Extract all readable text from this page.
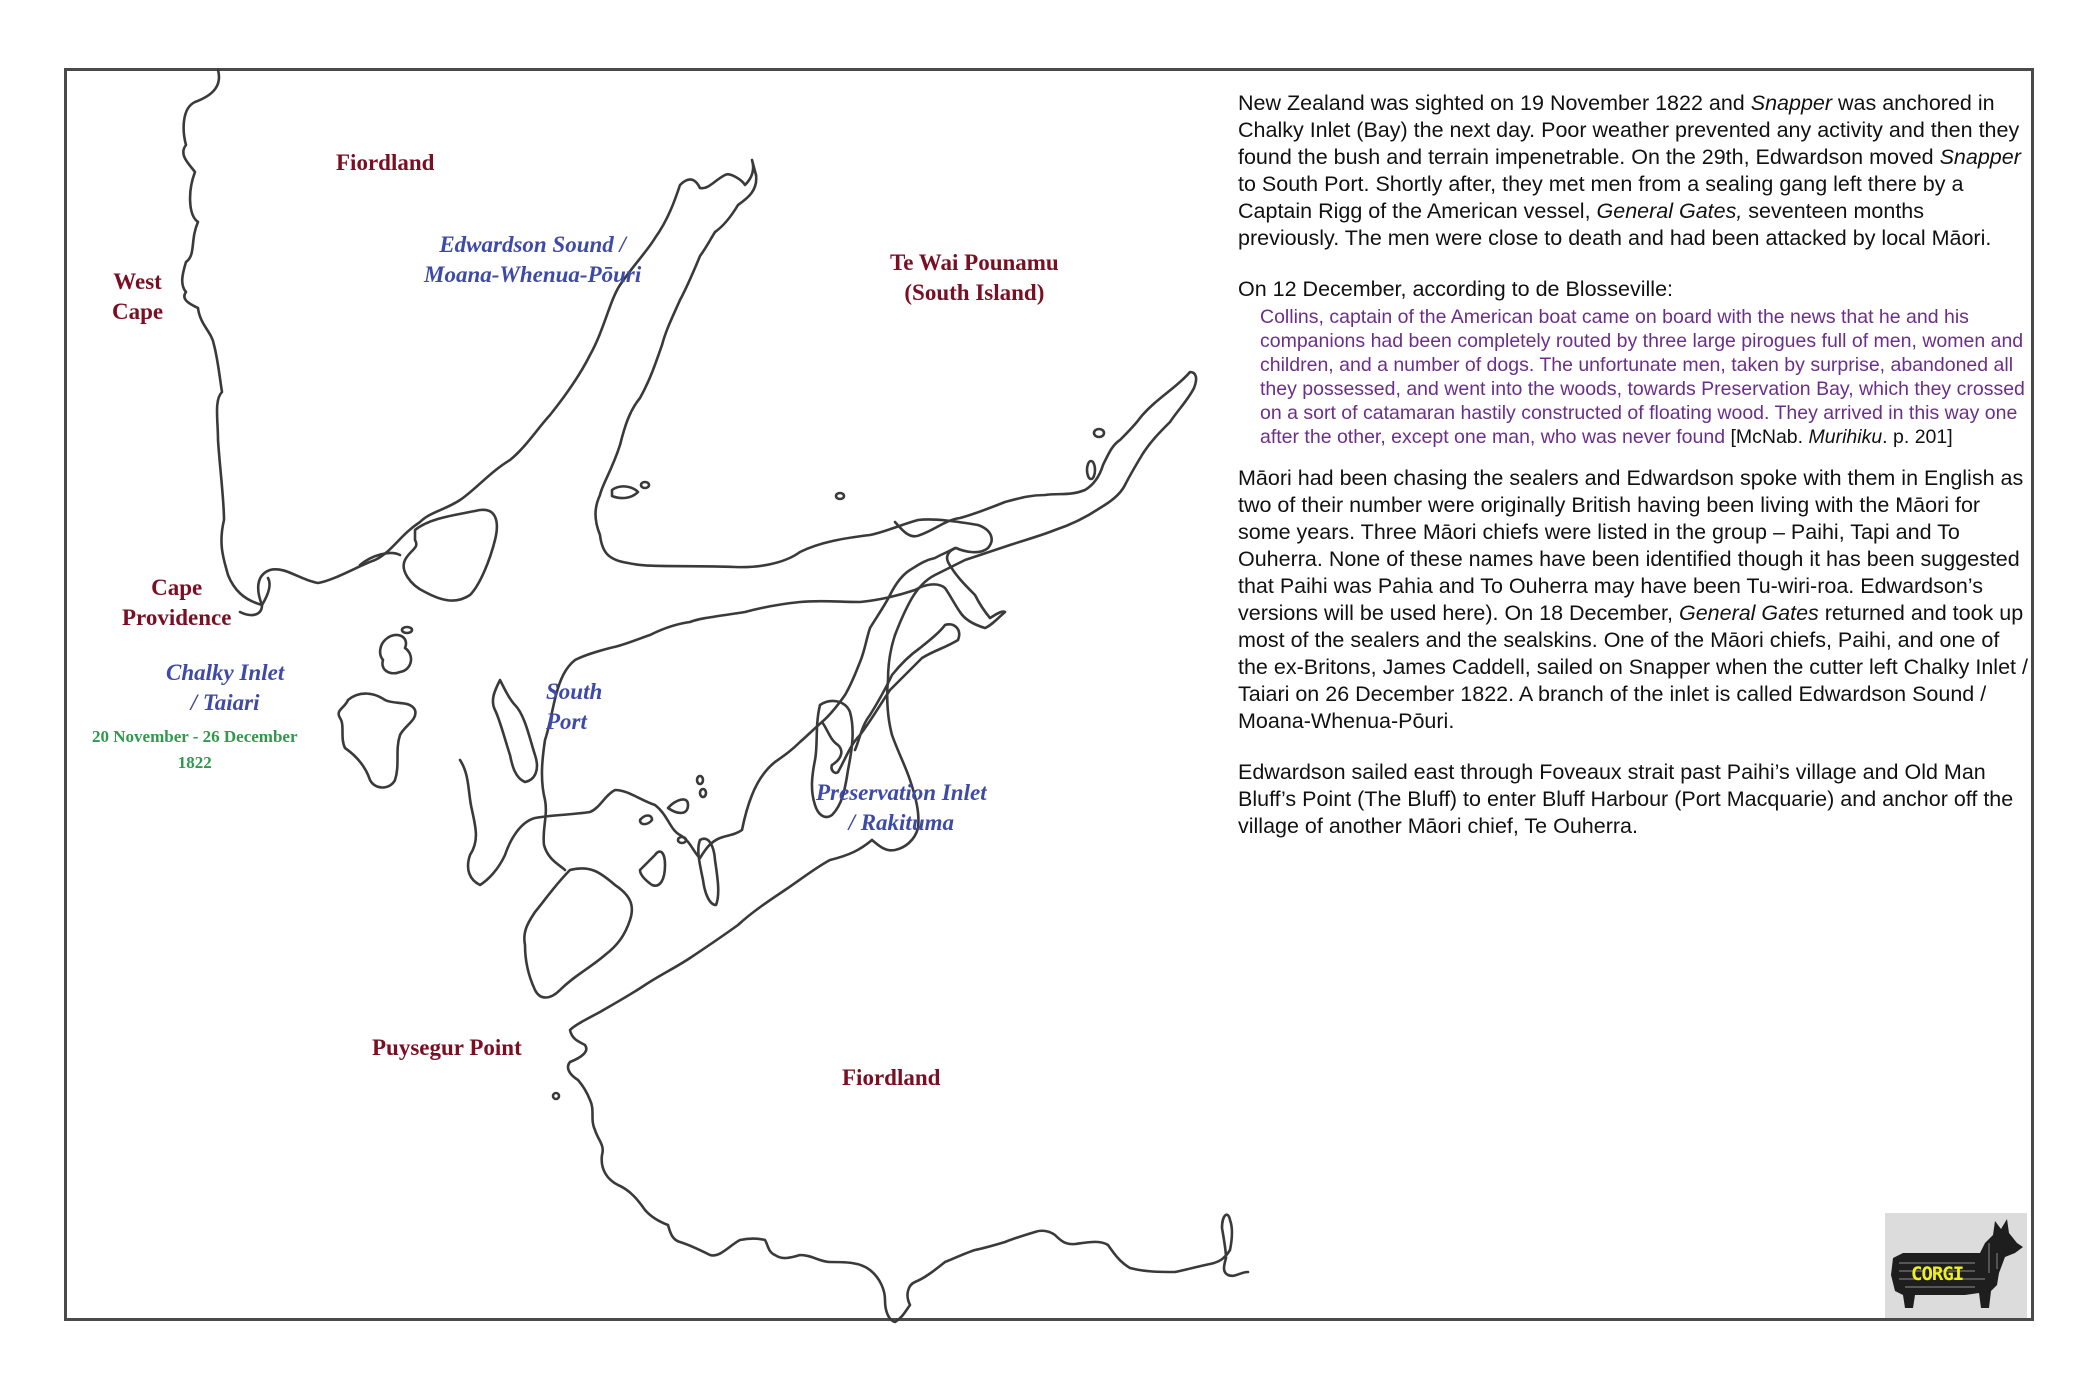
Fiordland
West
Cape
Edwardson Sound /
Moana-Whenua-Pōuri	Te Wai Pounamu
(South Island)
Cape
Providence
Chalky Inlet
/ Taiari
20 November - 26 December
1822
South
Port
Preservation Inlet
/ Rakituma
Puysegur Point
Fiordland

New Zealand was sighted on 19 November 1822 and Snapper was anchored in Chalky Inlet (Bay) the next day. Poor weather prevented any activity and then they found the bush and terrain impenetrable. On the 29th, Edwardson moved Snapper to South Port. Shortly after, they met men from a sealing gang left there by a Captain Rigg of the American vessel, General Gates, seventeen months previously. The men were close to death and had been attacked by local Māori.

On 12 December, according to de Blosseville:

Collins, captain of the American boat came on board with the news that he and his companions had been completely routed by three large pirogues full of men, women and children, and a number of dogs. The unfortunate men, taken by surprise, abandoned all they possessed, and went into the woods, towards Preservation Bay, which they crossed on a sort of catamaran hastily constructed of floating wood. They arrived in this way one after the other, except one man, who was never found [McNab. Murihiku. p. 201]

Māori had been chasing the sealers and Edwardson spoke with them in English as two of their number were originally British having been living with the Māori for some years. Three Māori chiefs were listed in the group – Paihi, Tapi and To Ouherra. None of these names have been identified though it has been suggested that Paihi was Pahia and To Ouherra may have been Tu-wiri-roa. Edwardson’s versions will be used here). On 18 December, General Gates returned and took up most of the sealers and the sealskins. One of the Māori chiefs, Paihi, and one of the ex-Britons, James Caddell, sailed on Snapper when the cutter left Chalky Inlet / Taiari on 26 December 1822. A branch of the inlet is called Edwardson Sound / Moana-Whenua-Pōuri.

Edwardson sailed east through Foveaux strait past Paihi’s village and Old Man Bluff’s Point (The Bluff) to enter Bluff Harbour (Port Macquarie) and anchor off the village of another Māori chief, Te Ouherra.

CORGI
